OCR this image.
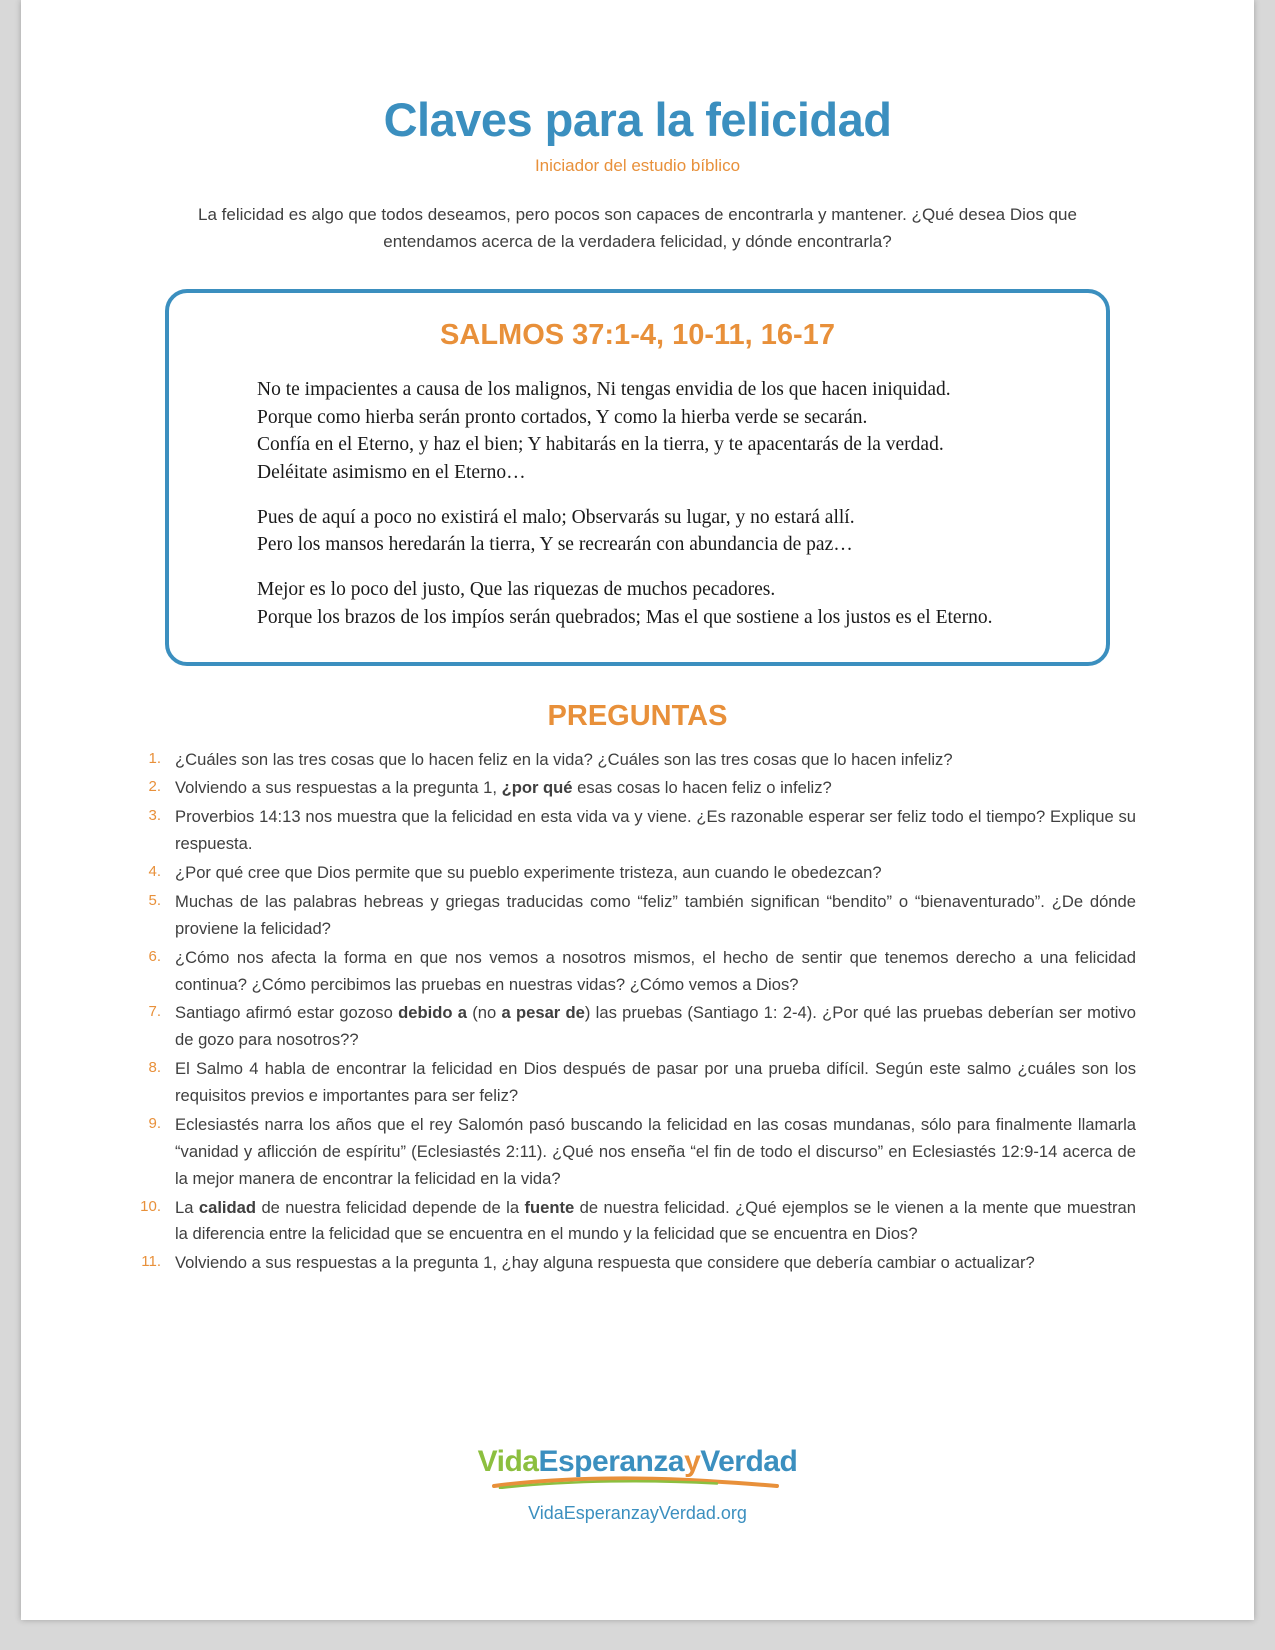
Claves para la felicidad
Iniciador del estudio bíblico

La felicidad es algo que todos deseamos, pero pocos son capaces de encontrarla y mantener. ¿Qué desea Dios que entendamos acerca de la verdadera felicidad, y dónde encontrarla?

SALMOS 37:1-4, 10-11, 16-17

No te impacientes a causa de los malignos, Ni tengas envidia de los que hacen iniquidad.
Porque como hierba serán pronto cortados, Y como la hierba verde se secarán.
Confía en el Eterno, y haz el bien; Y habitarás en la tierra, y te apacentarás de la verdad.
Deléitate asimismo en el Eterno…

Pues de aquí a poco no existirá el malo; Observarás su lugar, y no estará allí.
Pero los mansos heredarán la tierra, Y se recrearán con abundancia de paz…

Mejor es lo poco del justo, Que las riquezas de muchos pecadores.
Porque los brazos de los impíos serán quebrados; Mas el que sostiene a los justos es el Eterno.

PREGUNTAS
¿Cuáles son las tres cosas que lo hacen feliz en la vida? ¿Cuáles son las tres cosas que lo hacen infeliz?
Volviendo a sus respuestas a la pregunta 1, ¿por qué esas cosas lo hacen feliz o infeliz?
Proverbios 14:13 nos muestra que la felicidad en esta vida va y viene. ¿Es razonable esperar ser feliz todo el tiempo? Explique su respuesta.
¿Por qué cree que Dios permite que su pueblo experimente tristeza, aun cuando le obedezcan?
Muchas de las palabras hebreas y griegas traducidas como “feliz” también significan “bendito” o “bienaventurado”. ¿De dónde proviene la felicidad?
¿Cómo nos afecta la forma en que nos vemos a nosotros mismos, el hecho de sentir que tenemos derecho a una felicidad continua? ¿Cómo percibimos las pruebas en nuestras vidas? ¿Cómo vemos a Dios?
Santiago afirmó estar gozoso debido a (no a pesar de) las pruebas (Santiago 1: 2-4). ¿Por qué las pruebas deberían ser motivo de gozo para nosotros??
El Salmo 4 habla de encontrar la felicidad en Dios después de pasar por una prueba difícil. Según este salmo ¿cuáles son los requisitos previos e importantes para ser feliz?
Eclesiastés narra los años que el rey Salomón pasó buscando la felicidad en las cosas mundanas, sólo para finalmente llamarla “vanidad y aflicción de espíritu” (Eclesiastés 2:11). ¿Qué nos enseña “el fin de todo el discurso” en Eclesiastés 12:9-14 acerca de la mejor manera de encontrar la felicidad en la vida?
La calidad de nuestra felicidad depende de la fuente de nuestra felicidad. ¿Qué ejemplos se le vienen a la mente que muestran la diferencia entre la felicidad que se encuentra en el mundo y la felicidad que se encuentra en Dios?
Volviendo a sus respuestas a la pregunta 1, ¿hay alguna respuesta que considere que debería cambiar o actualizar?
VidaEsperanzayVerdad
VidaEsperanzayVerdad.org
